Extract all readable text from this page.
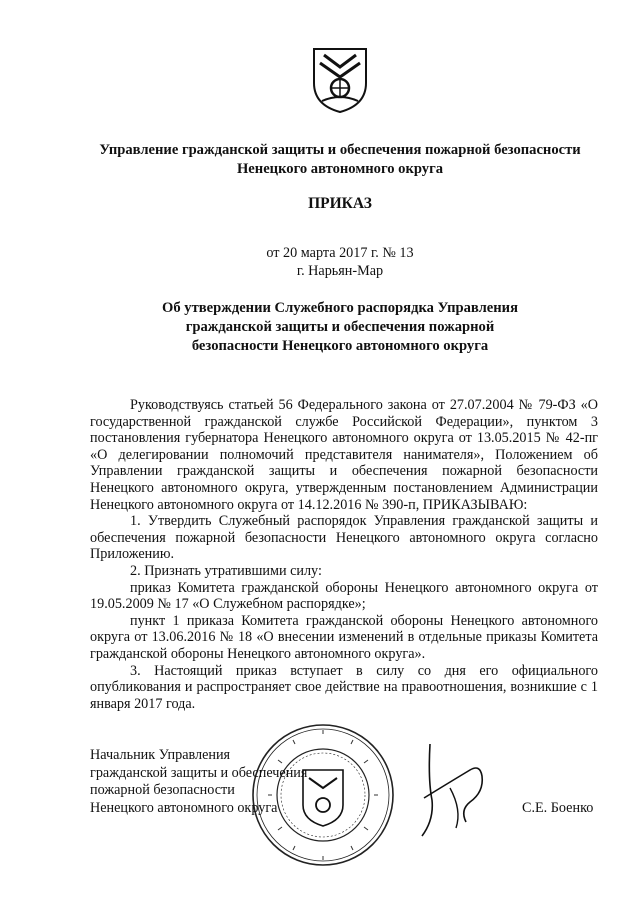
Управление гражданской защиты и обеспечения пожарной безопасности
Ненецкого автономного округа
ПРИКАЗ
от 20 марта 2017 г. № 13
г. Нарьян-Мар
Об утверждении Служебного распорядка Управления
гражданской защиты и обеспечения пожарной
безопасности Ненецкого автономного округа

Руководствуясь статьей 56 Федерального закона от 27.07.2004 № 79-ФЗ «О государственной гражданской службе Российской Федерации», пунктом 3 постановления губернатора Ненецкого автономного округа от 13.05.2015 № 42-пг «О делегировании полномочий представителя нанимателя», Положением об Управлении гражданской защиты и обеспечения пожарной безопасности Ненецкого автономного округа, утвержденным постановлением Администрации Ненецкого автономного округа от 14.12.2016 № 390-п, ПРИКАЗЫВАЮ:

1. Утвердить Служебный распорядок Управления гражданской защиты и обеспечения пожарной безопасности Ненецкого автономного округа согласно Приложению.

2. Признать утратившими силу:

приказ Комитета гражданской обороны Ненецкого автономного округа от 19.05.2009 № 17 «О Служебном распорядке»;

пункт 1 приказа Комитета гражданской обороны Ненецкого автономного округа от 13.06.2016 № 18 «О внесении изменений в отдельные приказы Комитета гражданской обороны Ненецкого автономного округа».

3. Настоящий приказ вступает в силу со дня его официального опубликования и распространяет свое действие на правоотношения, возникшие с 1 января 2017 года.

Начальник Управления
гражданской защиты и обеспечения
пожарной безопасности
Ненецкого автономного округа	С.Е. Боенко
